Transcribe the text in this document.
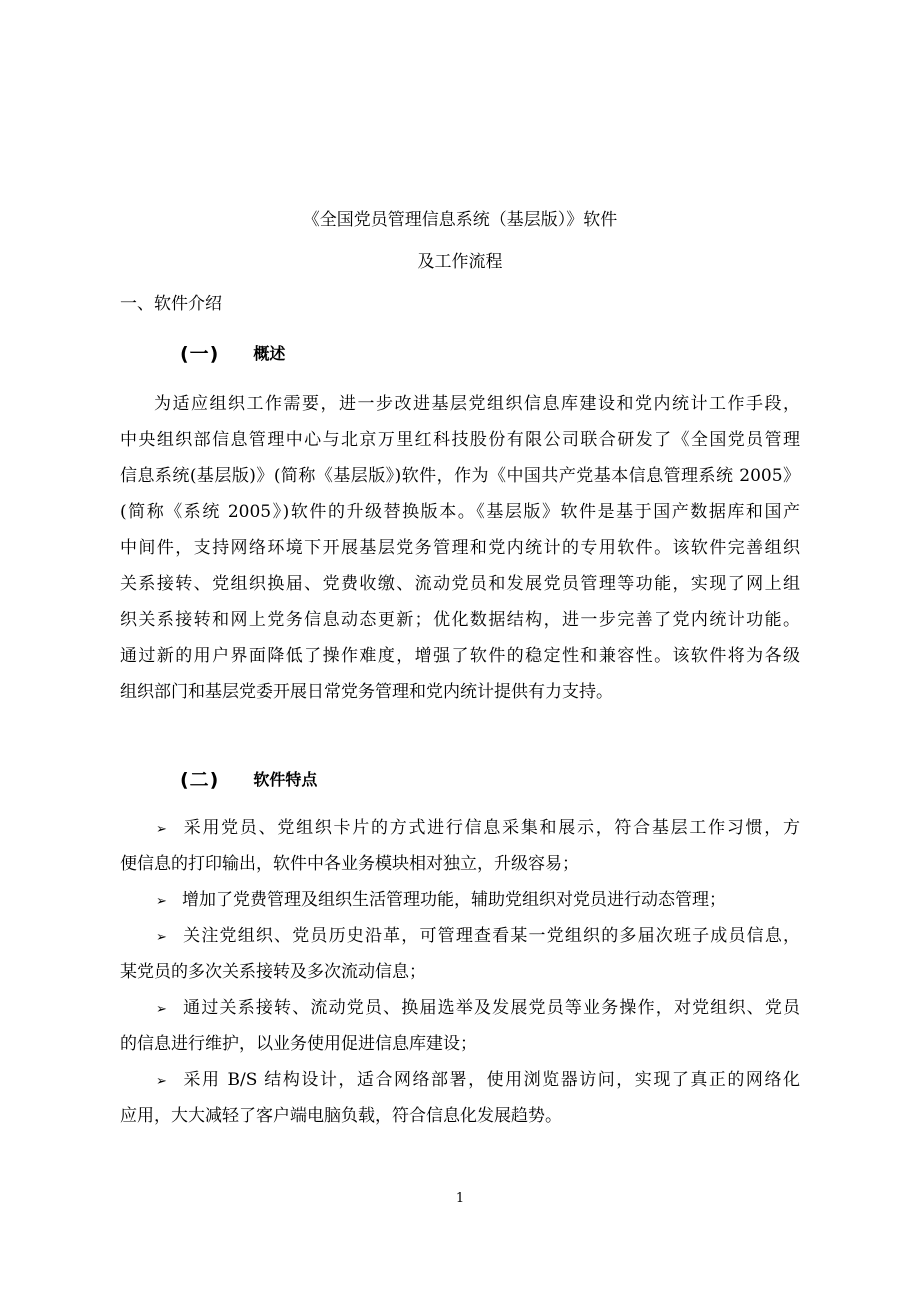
《全国党员管理信息系统（基层版）》软件
及工作流程
一、软件介绍
(一) 概述
为适应组织工作需要，进一步改进基层党组织信息库建设和党内统计工作手段，
中央组织部信息管理中心与北京万里红科技股份有限公司联合研发了《全国党员管理
信息系统(基层版)》(简称《基层版》)软件，作为《中国共产党基本信息管理系统 2005》
(简称《系统 2005》)软件的升级替换版本。《基层版》软件是基于国产数据库和国产
中间件，支持网络环境下开展基层党务管理和党内统计的专用软件。该软件完善组织
关系接转、党组织换届、党费收缴、流动党员和发展党员管理等功能，实现了网上组
织关系接转和网上党务信息动态更新；优化数据结构，进一步完善了党内统计功能。
通过新的用户界面降低了操作难度，增强了软件的稳定性和兼容性。该软件将为各级
组织部门和基层党委开展日常党务管理和党内统计提供有力支持。
(二) 软件特点
➢ 采用党员、党组织卡片的方式进行信息采集和展示，符合基层工作习惯，方
便信息的打印输出，软件中各业务模块相对独立，升级容易；
➢ 增加了党费管理及组织生活管理功能，辅助党组织对党员进行动态管理；
➢ 关注党组织、党员历史沿革，可管理查看某一党组织的多届次班子成员信息，
某党员的多次关系接转及多次流动信息；
➢ 通过关系接转、流动党员、换届选举及发展党员等业务操作，对党组织、党员
的信息进行维护，以业务使用促进信息库建设；
➢ 采用 B/S 结构设计，适合网络部署，使用浏览器访问，实现了真正的网络化
应用，大大减轻了客户端电脑负载，符合信息化发展趋势。
1
